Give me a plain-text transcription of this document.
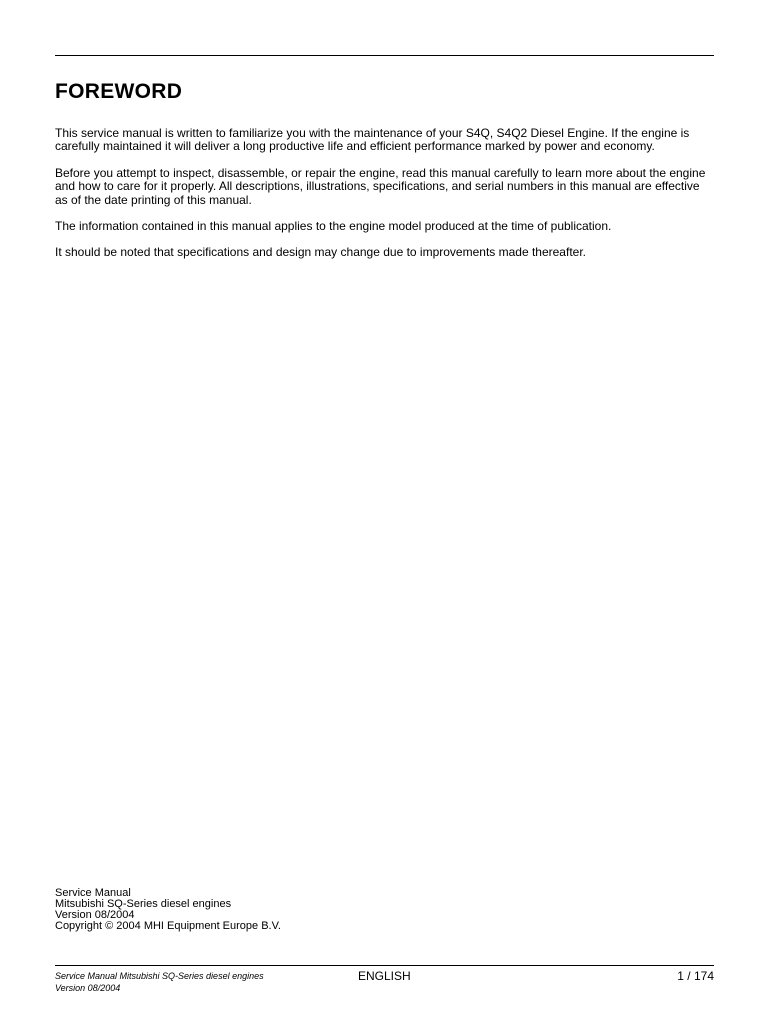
FOREWORD

This service manual is written to familiarize you with the maintenance of your S4Q, S4Q2 Diesel Engine. If the engine is carefully maintained it will deliver a long productive life and efficient performance marked by power and economy.

Before you attempt to inspect, disassemble, or repair the engine, read this manual carefully to learn more about the engine and how to care for it properly. All descriptions, illustrations, specifications, and serial numbers in this manual are effective as of the date printing of this manual.

The information contained in this manual applies to the engine model produced at the time of publication.

It should be noted that specifications and design may change due to improvements made thereafter.

Service Manual
Mitsubishi SQ-Series diesel engines
Version 08/2004
Copyright © 2004 MHI Equipment Europe B.V.
Service Manual Mitsubishi SQ-Series diesel engines
Version 08/2004
ENGLISH	1 / 174
